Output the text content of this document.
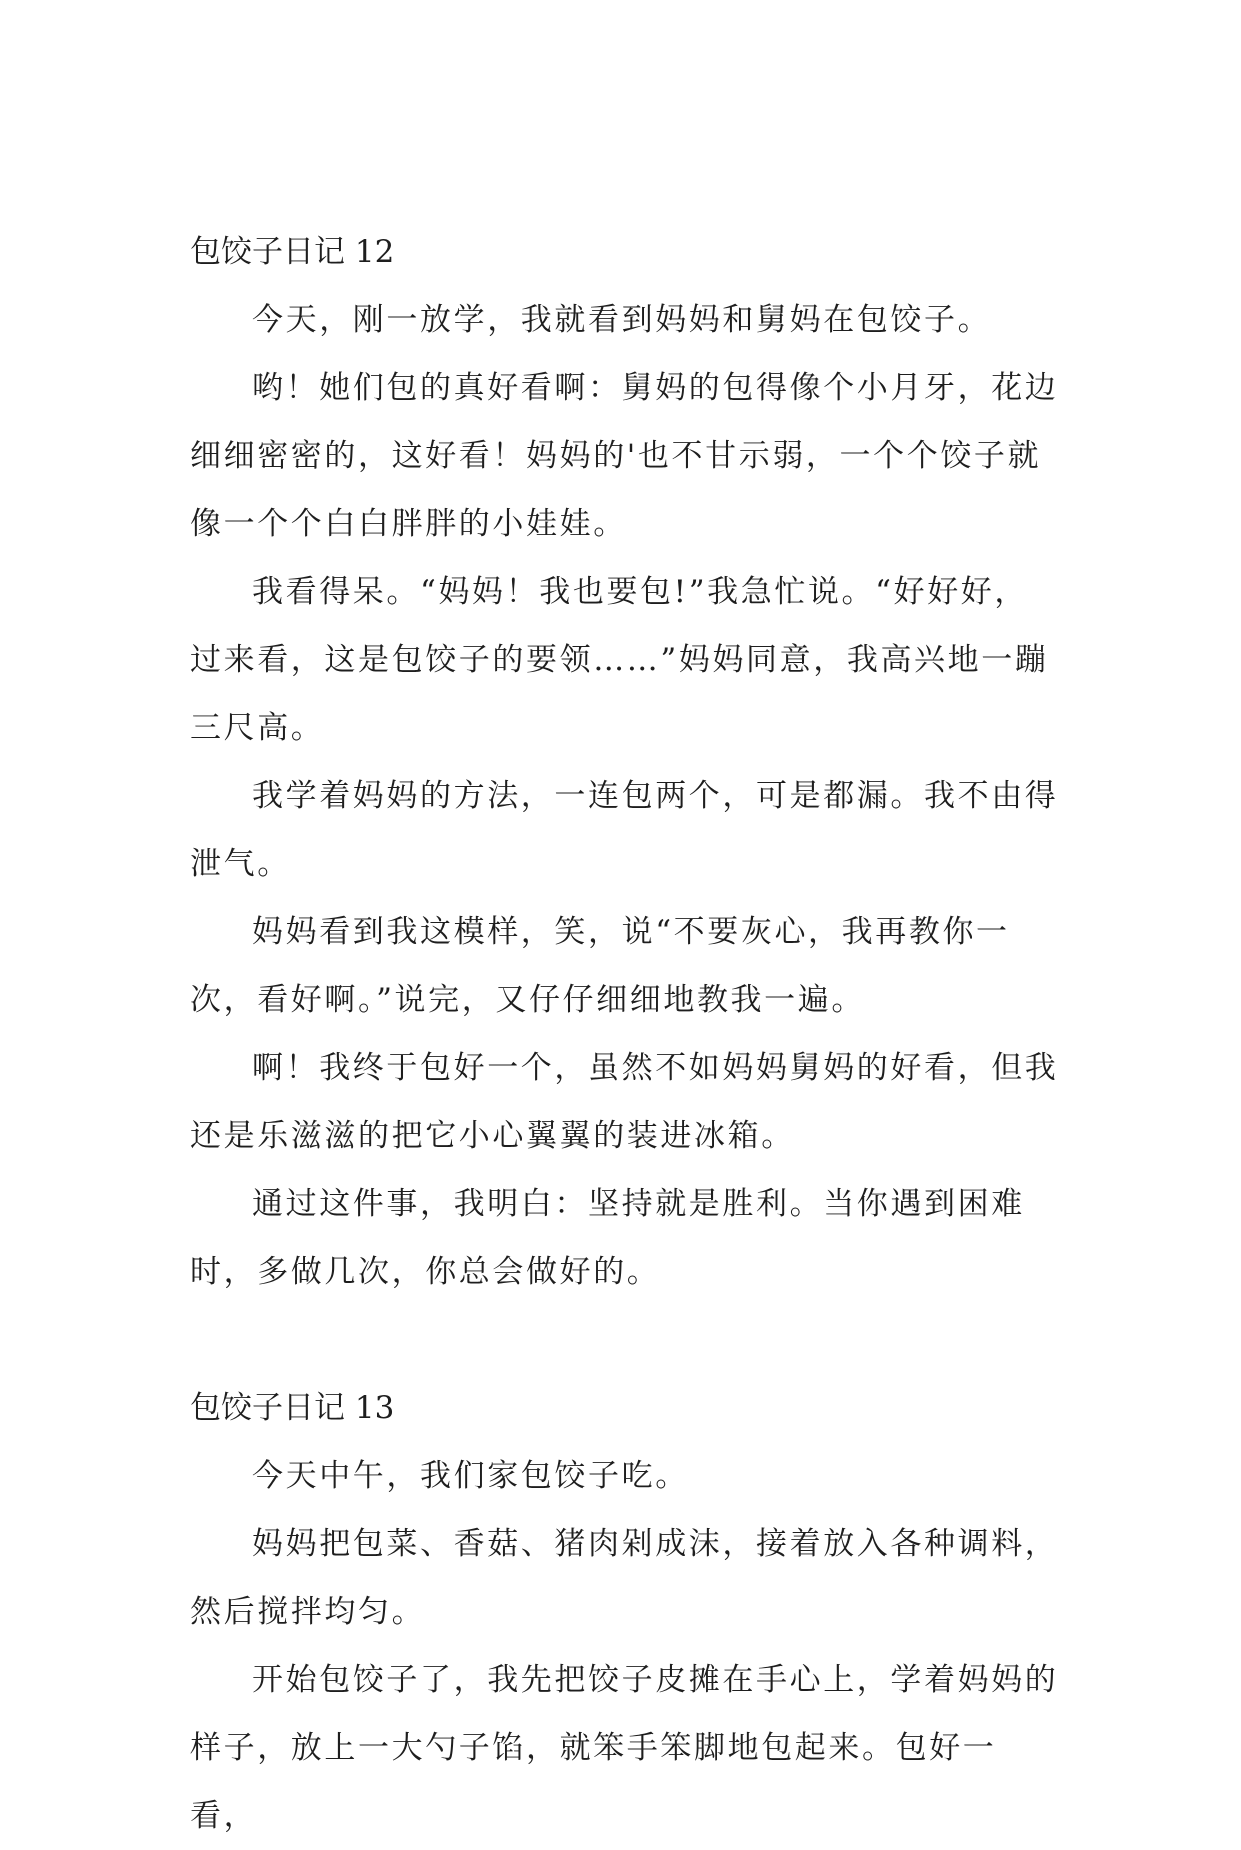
包饺子日记 12

今天，刚一放学，我就看到妈妈和舅妈在包饺子。

哟！她们包的真好看啊：舅妈的包得像个小月牙，花边细细密密的，这好看！妈妈的'也不甘示弱，一个个饺子就像一个个白白胖胖的小娃娃。

我看得呆。“妈妈！我也要包!”我急忙说。“好好好，过来看，这是包饺子的要领……”妈妈同意，我高兴地一蹦三尺高。

我学着妈妈的方法，一连包两个，可是都漏。我不由得泄气。

妈妈看到我这模样，笑，说“不要灰心，我再教你一次，看好啊。”说完，又仔仔细细地教我一遍。

啊！我终于包好一个，虽然不如妈妈舅妈的好看，但我还是乐滋滋的把它小心翼翼的装进冰箱。

通过这件事，我明白：坚持就是胜利。当你遇到困难时，多做几次，你总会做好的。

包饺子日记 13

今天中午，我们家包饺子吃。

妈妈把包菜、香菇、猪肉剁成沫，接着放入各种调料，然后搅拌均匀。

开始包饺子了，我先把饺子皮摊在手心上，学着妈妈的样子，放上一大勺子馅，就笨手笨脚地包起来。包好一看，
